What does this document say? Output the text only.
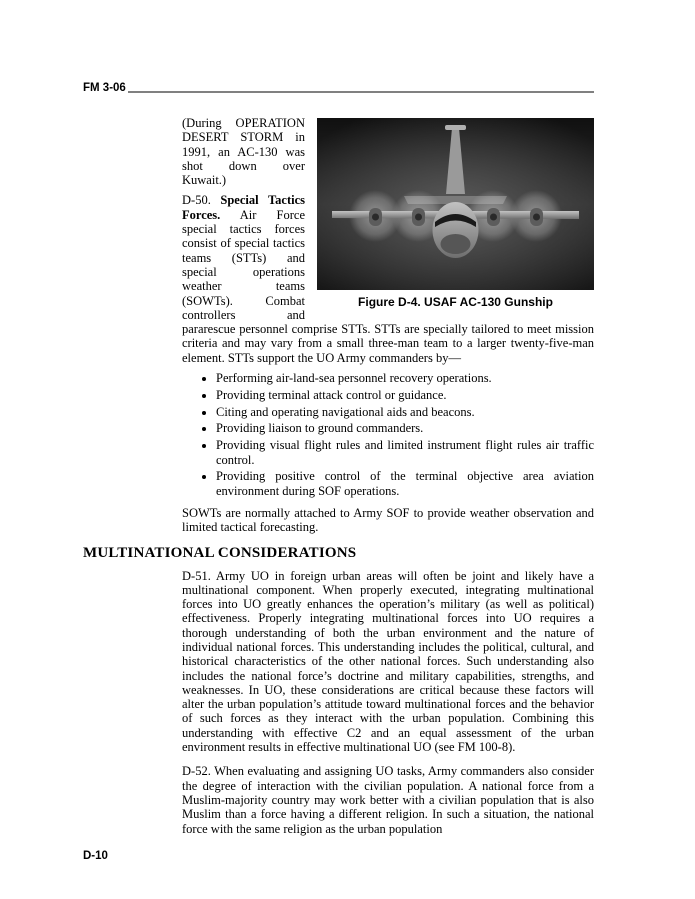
FM 3-06
Figure D-4. USAF AC-130 Gunship

(During OPERATION DESERT STORM in 1991, an AC-130 was shot down over Kuwait.)

D-50. Special Tactics Forces. Air Force special tactics forces consist of special tactics teams (STTs) and special operations weather teams (SOWTs). Combat controllers and pararescue personnel comprise STTs. STTs are specially tailored to meet mission criteria and may vary from a small three-man team to a larger twenty-five-man element. STTs support the UO Army commanders by—

• Performing air-land-sea personnel recovery operations.
• Providing terminal attack control or guidance.
• Citing and operating navigational aids and beacons.
• Providing liaison to ground commanders.
• Providing visual flight rules and limited instrument flight rules air traffic control.
• Providing positive control of the terminal objective area aviation environment during SOF operations.

SOWTs are normally attached to Army SOF to provide weather observation and limited tactical forecasting.

MULTINATIONAL CONSIDERATIONS

D-51. Army UO in foreign urban areas will often be joint and likely have a multinational component. When properly executed, integrating multinational forces into UO greatly enhances the operation’s military (as well as political) effectiveness. Properly integrating multinational forces into UO requires a thorough understanding of both the urban environment and the nature of individual national forces. This understanding includes the political, cultural, and historical characteristics of the other national forces. Such understanding also includes the national force’s doctrine and military capabilities, strengths, and weaknesses. In UO, these considerations are critical because these factors will alter the urban population’s attitude toward multinational forces and the behavior of such forces as they interact with the urban population. Combining this understanding with effective C2 and an equal assessment of the urban environment results in effective multinational UO (see FM 100-8).

D-52. When evaluating and assigning UO tasks, Army commanders also consider the degree of interaction with the civilian population. A national force from a Muslim-majority country may work better with a civilian population that is also Muslim than a force having a different religion. In such a situation, the national force with the same religion as the urban population

D-10
